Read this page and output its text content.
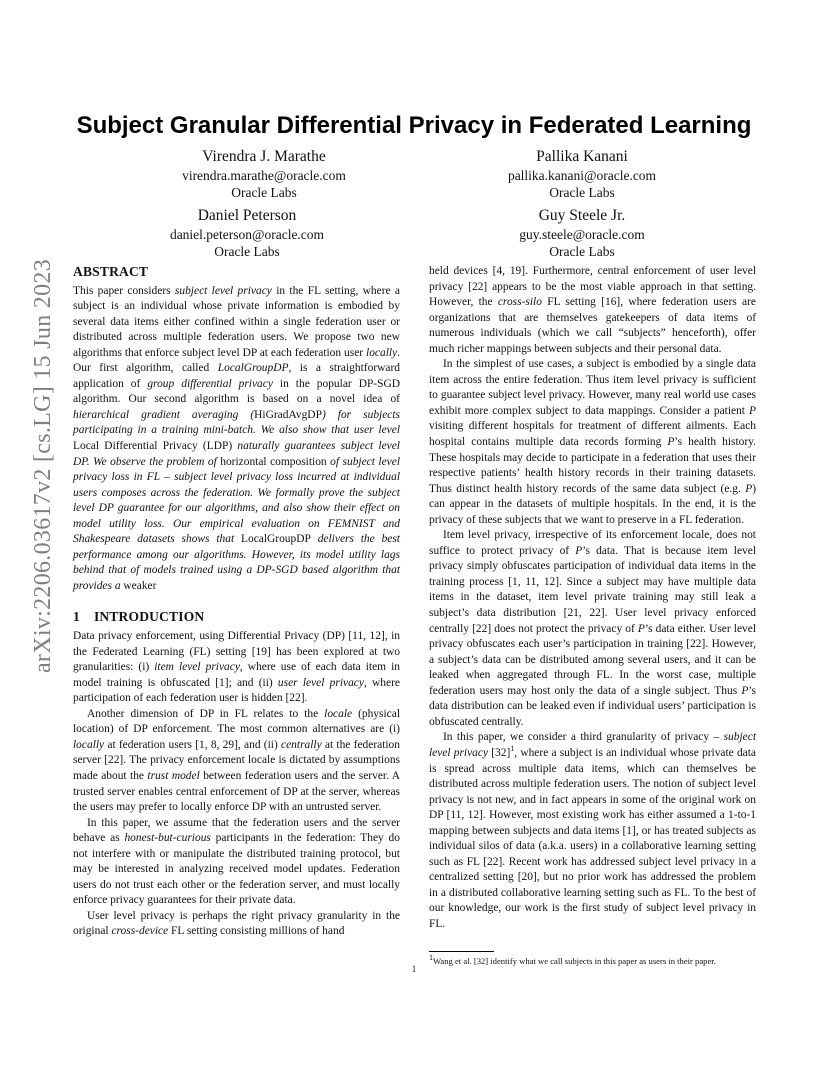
arXiv:2206.03617v2 [cs.LG] 15 Jun 2023
Subject Granular Differential Privacy in Federated Learning
Virendra J. Marathe
virendra.marathe@oracle.com
Oracle Labs
Pallika Kanani
pallika.kanani@oracle.com
Oracle Labs
Daniel Peterson
daniel.peterson@oracle.com
Oracle Labs
Guy Steele Jr.
guy.steele@oracle.com
Oracle Labs
ABSTRACT

This paper considers subject level privacy in the FL setting, where a subject is an individual whose private information is embodied by several data items either confined within a single federation user or distributed across multiple federation users. We propose two new algorithms that enforce subject level DP at each federation user locally. Our first algorithm, called LocalGroupDP, is a straightforward application of group differential privacy in the popular DP-SGD algorithm. Our second algorithm is based on a novel idea of hierarchical gradient averaging (HiGradAvgDP) for subjects participating in a training mini-batch. We also show that user level Local Differential Privacy (LDP) naturally guarantees subject level DP. We observe the problem of horizontal composition of subject level privacy loss in FL – subject level privacy loss incurred at individual users composes across the federation. We formally prove the subject level DP guarantee for our algorithms, and also show their effect on model utility loss. Our empirical evaluation on FEMNIST and Shakespeare datasets shows that LocalGroupDP delivers the best performance among our algorithms. However, its model utility lags behind that of models trained using a DP-SGD based algorithm that provides a weaker

1 INTRODUCTION

Data privacy enforcement, using Differential Privacy (DP) [11, 12], in the Federated Learning (FL) setting [19] has been explored at two granularities: (i) item level privacy, where use of each data item in model training is obfuscated [1]; and (ii) user level privacy, where participation of each federation user is hidden [22].

Another dimension of DP in FL relates to the locale (physical location) of DP enforcement. The most common alternatives are (i) locally at federation users [1, 8, 29], and (ii) centrally at the federation server [22]. The privacy enforcement locale is dictated by assumptions made about the trust model between federation users and the server. A trusted server enables central enforcement of DP at the server, whereas the users may prefer to locally enforce DP with an untrusted server.

In this paper, we assume that the federation users and the server behave as honest-but-curious participants in the federation: They do not interfere with or manipulate the distributed training protocol, but may be interested in analyzing received model updates. Federation users do not trust each other or the federation server, and must locally enforce privacy guarantees for their private data.

User level privacy is perhaps the right privacy granularity in the original cross-device FL setting consisting millions of hand

held devices [4, 19]. Furthermore, central enforcement of user level privacy [22] appears to be the most viable approach in that setting. However, the cross-silo FL setting [16], where federation users are organizations that are themselves gatekeepers of data items of numerous individuals (which we call “subjects” henceforth), offer much richer mappings between subjects and their personal data.

In the simplest of use cases, a subject is embodied by a single data item across the entire federation. Thus item level privacy is sufficient to guarantee subject level privacy. However, many real world use cases exhibit more complex subject to data mappings. Consider a patient P visiting different hospitals for treatment of different ailments. Each hospital contains multiple data records forming P’s health history. These hospitals may decide to participate in a federation that uses their respective patients’ health history records in their training datasets. Thus distinct health history records of the same data subject (e.g. P) can appear in the datasets of multiple hospitals. In the end, it is the privacy of these subjects that we want to preserve in a FL federation.

Item level privacy, irrespective of its enforcement locale, does not suffice to protect privacy of P’s data. That is because item level privacy simply obfuscates participation of individual data items in the training process [1, 11, 12]. Since a subject may have multiple data items in the dataset, item level private training may still leak a subject’s data distribution [21, 22]. User level privacy enforced centrally [22] does not protect the privacy of P’s data either. User level privacy obfuscates each user’s participation in training [22]. However, a subject’s data can be distributed among several users, and it can be leaked when aggregated through FL. In the worst case, multiple federation users may host only the data of a single subject. Thus P’s data distribution can be leaked even if individual users’ participation is obfuscated centrally.

In this paper, we consider a third granularity of privacy – subject level privacy $[32]^1$, where a subject is an individual whose private data is spread across multiple data items, which can themselves be distributed across multiple federation users. The notion of subject level privacy is not new, and in fact appears in some of the original work on DP [11, 12]. However, most existing work has either assumed a 1-to-1 mapping between subjects and data items [1], or has treated subjects as individual silos of data (a.k.a. users) in a collaborative learning setting such as FL [22]. Recent work has addressed subject level privacy in a centralized setting [20], but no prior work has addressed the problem in a distributed collaborative learning setting such as FL. To the best of our knowledge, our work is the first study of subject level privacy in FL.

$^1$Wang et al. [32] identify what we call subjects in this paper as users in their paper.
1
